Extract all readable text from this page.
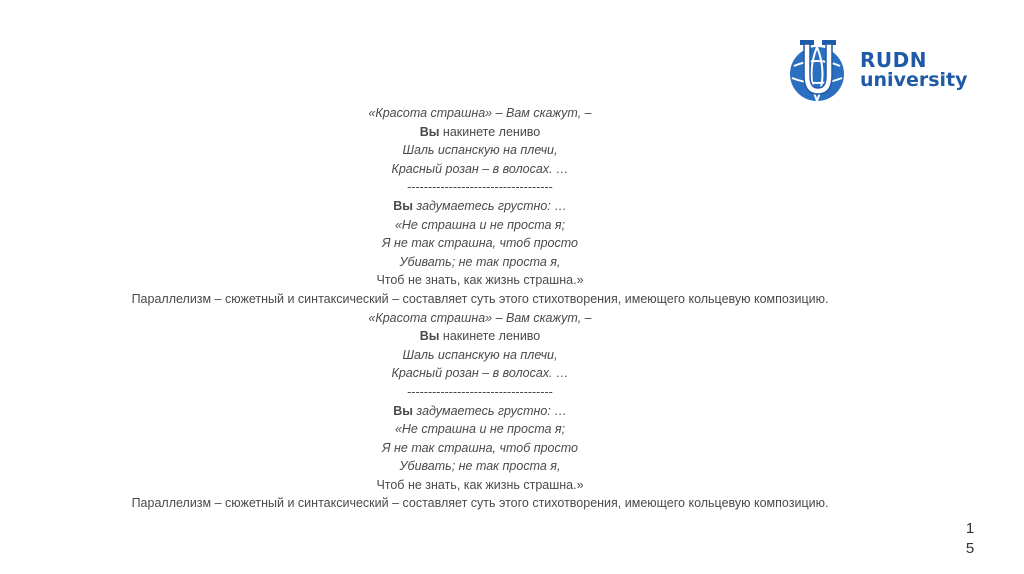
RUDN
university
«Красота страшна» – Вам скажут, –
Вы накинете лениво
Шаль испанскую на плечи,
Красный розан – в волосах. …
-----------------------------------
Вы задумаетесь грустно: …
«Не страшна и не проста я;
Я не так страшна, чтоб просто
Убивать; не так проста я,
Чтоб не знать, как жизнь страшна.»
Параллелизм – сюжетный и синтаксический – составляет суть этого стихотворения, имеющего кольцевую композицию.
«Красота страшна» – Вам скажут, –
Вы накинете лениво
Шаль испанскую на плечи,
Красный розан – в волосах. …
-----------------------------------
Вы задумаетесь грустно: …
«Не страшна и не проста я;
Я не так страшна, чтоб просто
Убивать; не так проста я,
Чтоб не знать, как жизнь страшна.»
Параллелизм – сюжетный и синтаксический – составляет суть этого стихотворения, имеющего кольцевую композицию.
1
5
